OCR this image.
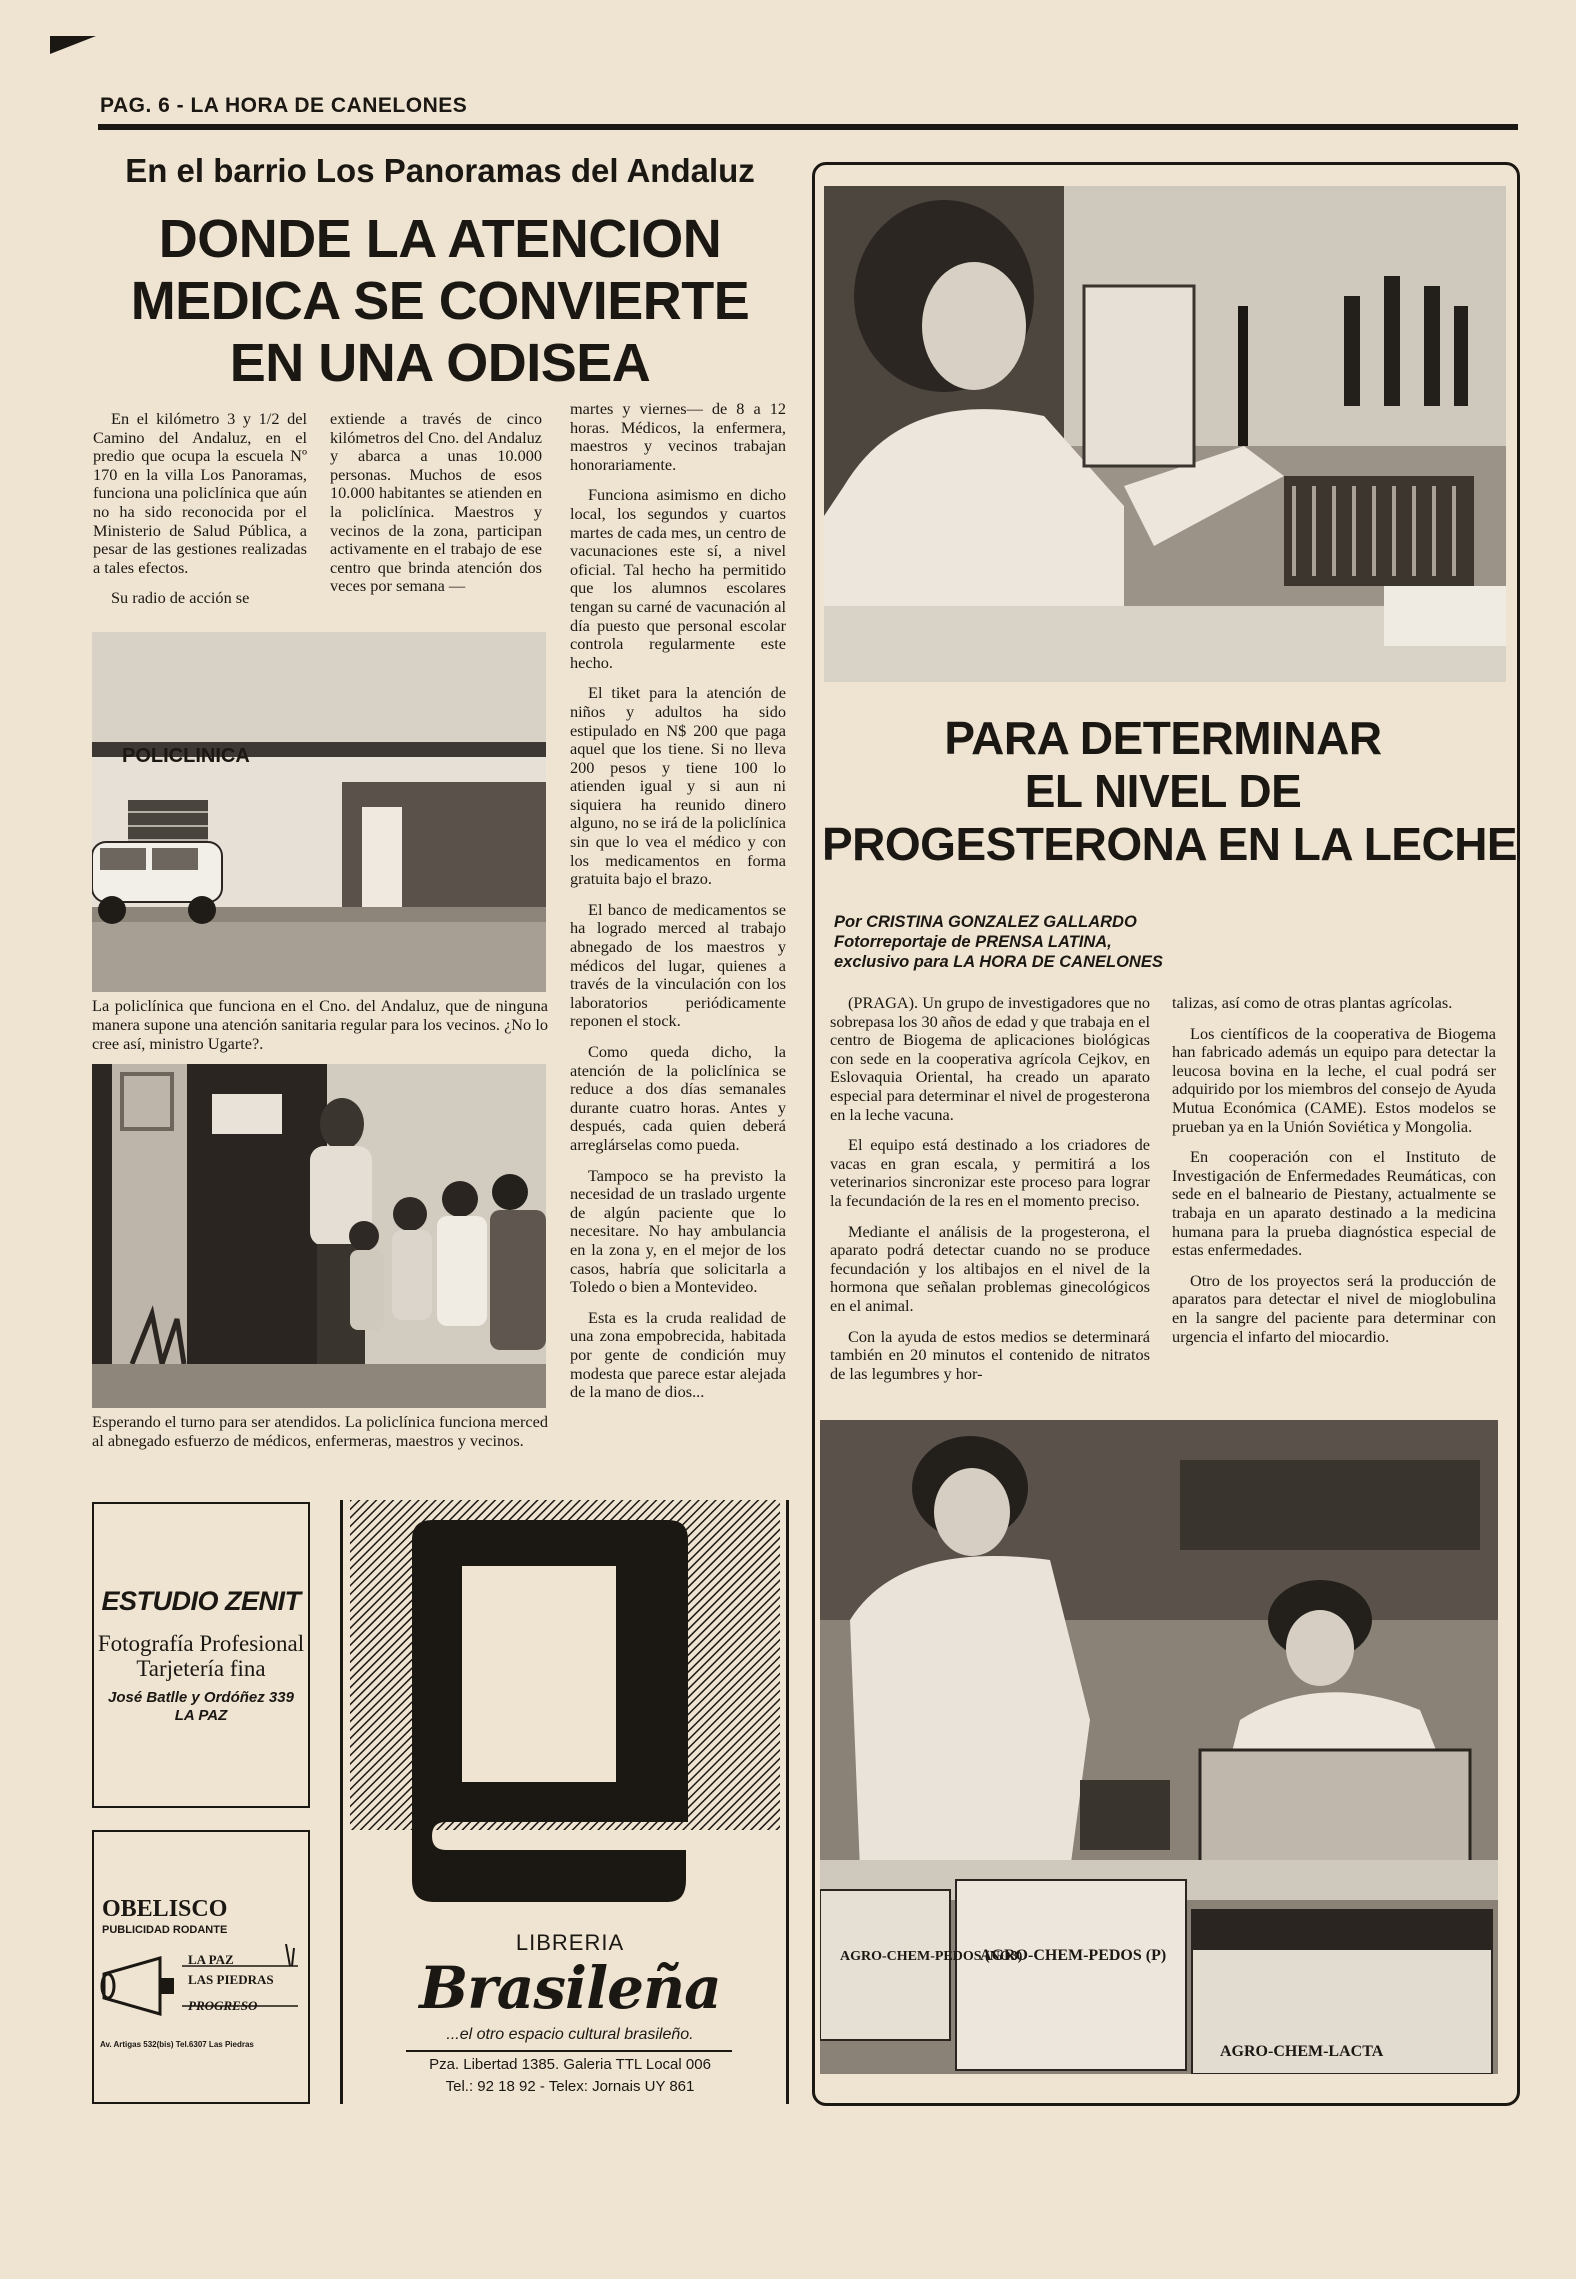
PAG. 6 - LA HORA DE CANELONES
En el barrio Los Panoramas del Andaluz
DONDE LA ATENCION
MEDICA SE CONVIERTE
EN UNA ODISEA

En el kilómetro 3 y 1/2 del Camino del Andaluz, en el predio que ocupa la escuela Nº 170 en la villa Los Panoramas, funciona una policlínica que aún no ha sido reconocida por el Ministerio de Salud Pública, a pesar de las gestiones realizadas a tales efectos.

Su radio de acción se

extiende a través de cinco kilómetros del Cno. del Andaluz y abarca a unas 10.000 personas. Muchos de esos 10.000 habitantes se atienden en la policlínica. Maestros y vecinos de la zona, participan activamente en el trabajo de ese centro que brinda atención dos veces por semana —

martes y viernes— de 8 a 12 horas. Médicos, la enfermera, maestros y vecinos trabajan honorariamente.

Funciona asimismo en dicho local, los segundos y cuartos martes de cada mes, un centro de vacunaciones este sí, a nivel oficial. Tal hecho ha permitido que los alumnos escolares tengan su carné de vacunación al día puesto que personal escolar controla regularmente este hecho.

El tiket para la atención de niños y adultos ha sido estipulado en N$ 200 que paga aquel que los tiene. Si no lleva 200 pesos y tiene 100 lo atienden igual y si aun ni siquiera ha reunido dinero alguno, no se irá de la policlínica sin que lo vea el médico y con los medicamentos en forma gratuita bajo el brazo.

El banco de medicamentos se ha logrado merced al trabajo abnegado de los maestros y médicos del lugar, quienes a través de la vinculación con los laboratorios periódicamente reponen el stock.

Como queda dicho, la atención de la policlínica se reduce a dos días semanales durante cuatro horas. Antes y después, cada quien deberá arreglárselas como pueda.

Tampoco se ha previsto la necesidad de un traslado urgente de algún paciente que lo necesitare. No hay ambulancia en la zona y, en el mejor de los casos, habría que solicitarla a Toledo o bien a Montevideo.

Esta es la cruda realidad de una zona empobrecida, habitada por gente de condición muy modesta que parece estar alejada de la mano de dios...

POLICLINICA
La policlínica que funciona en el Cno. del Andaluz, que de ninguna manera supone una atención sanitaria regular para los vecinos. ¿No lo cree así, ministro Ugarte?.
Esperando el turno para ser atendidos. La policlínica funciona merced al abnegado esfuerzo de médicos, enfermeras, maestros y vecinos.
ESTUDIO ZENIT
Fotografía Profesional
Tarjetería fina
José Batlle y Ordóñez 339
LA PAZ
OBELISCO
PUBLICIDAD RODANTE
LA PAZ
LAS PIEDRAS
PROGRESO
Av. Artigas 532(bis) Tel.6307 Las Piedras
LIBRERIA
Brasileña
...el otro espacio cultural brasileño.
Pza. Libertad 1385. Galeria TTL Local 006
Tel.: 92 18 92 - Telex: Jornais UY 861
PARA DETERMINAR
EL NIVEL DE
PROGESTERONA EN LA LECHE
Por CRISTINA GONZALEZ GALLARDO
Fotorreportaje de PRENSA LATINA,
exclusivo para LA HORA DE CANELONES

(PRAGA). Un grupo de investigadores que no sobrepasa los 30 años de edad y que trabaja en el centro de Biogema de aplicaciones biológicas con sede en la cooperativa agrícola Cejkov, en Eslovaquia Oriental, ha creado un aparato especial para determinar el nivel de progesterona en la leche vacuna.

El equipo está destinado a los criadores de vacas en gran escala, y permitirá a los veterinarios sincronizar este proceso para lograr la fecundación de la res en el momento preciso.

Mediante el análisis de la progesterona, el aparato podrá detectar cuando no se produce fecundación y los altibajos en el nivel de la hormona que señalan problemas ginecológicos en el animal.

Con la ayuda de estos medios se determinará también en 20 minutos el contenido de nitratos de las legumbres y hor-

talizas, así como de otras plantas agrícolas.

Los científicos de la cooperativa de Biogema han fabricado además un equipo para detectar la leucosa bovina en la leche, el cual podrá ser adquirido por los miembros del consejo de Ayuda Mutua Económica (CAME). Estos modelos se prueban ya en la Unión Soviética y Mongolia.

En cooperación con el Instituto de Investigación de Enfermedades Reumáticas, con sede en el balneario de Piestany, actualmente se trabaja en un aparato destinado a la medicina humana para la prueba diagnóstica especial de estas enfermedades.

Otro de los proyectos será la producción de aparatos para detectar el nivel de mioglobulina en la sangre del paciente para determinar con urgencia el infarto del miocardio.

AGRO-CHEM-PEDOS (NO3)
AGRO-CHEM-PEDOS (P)
AGRO-CHEM-LACTA
